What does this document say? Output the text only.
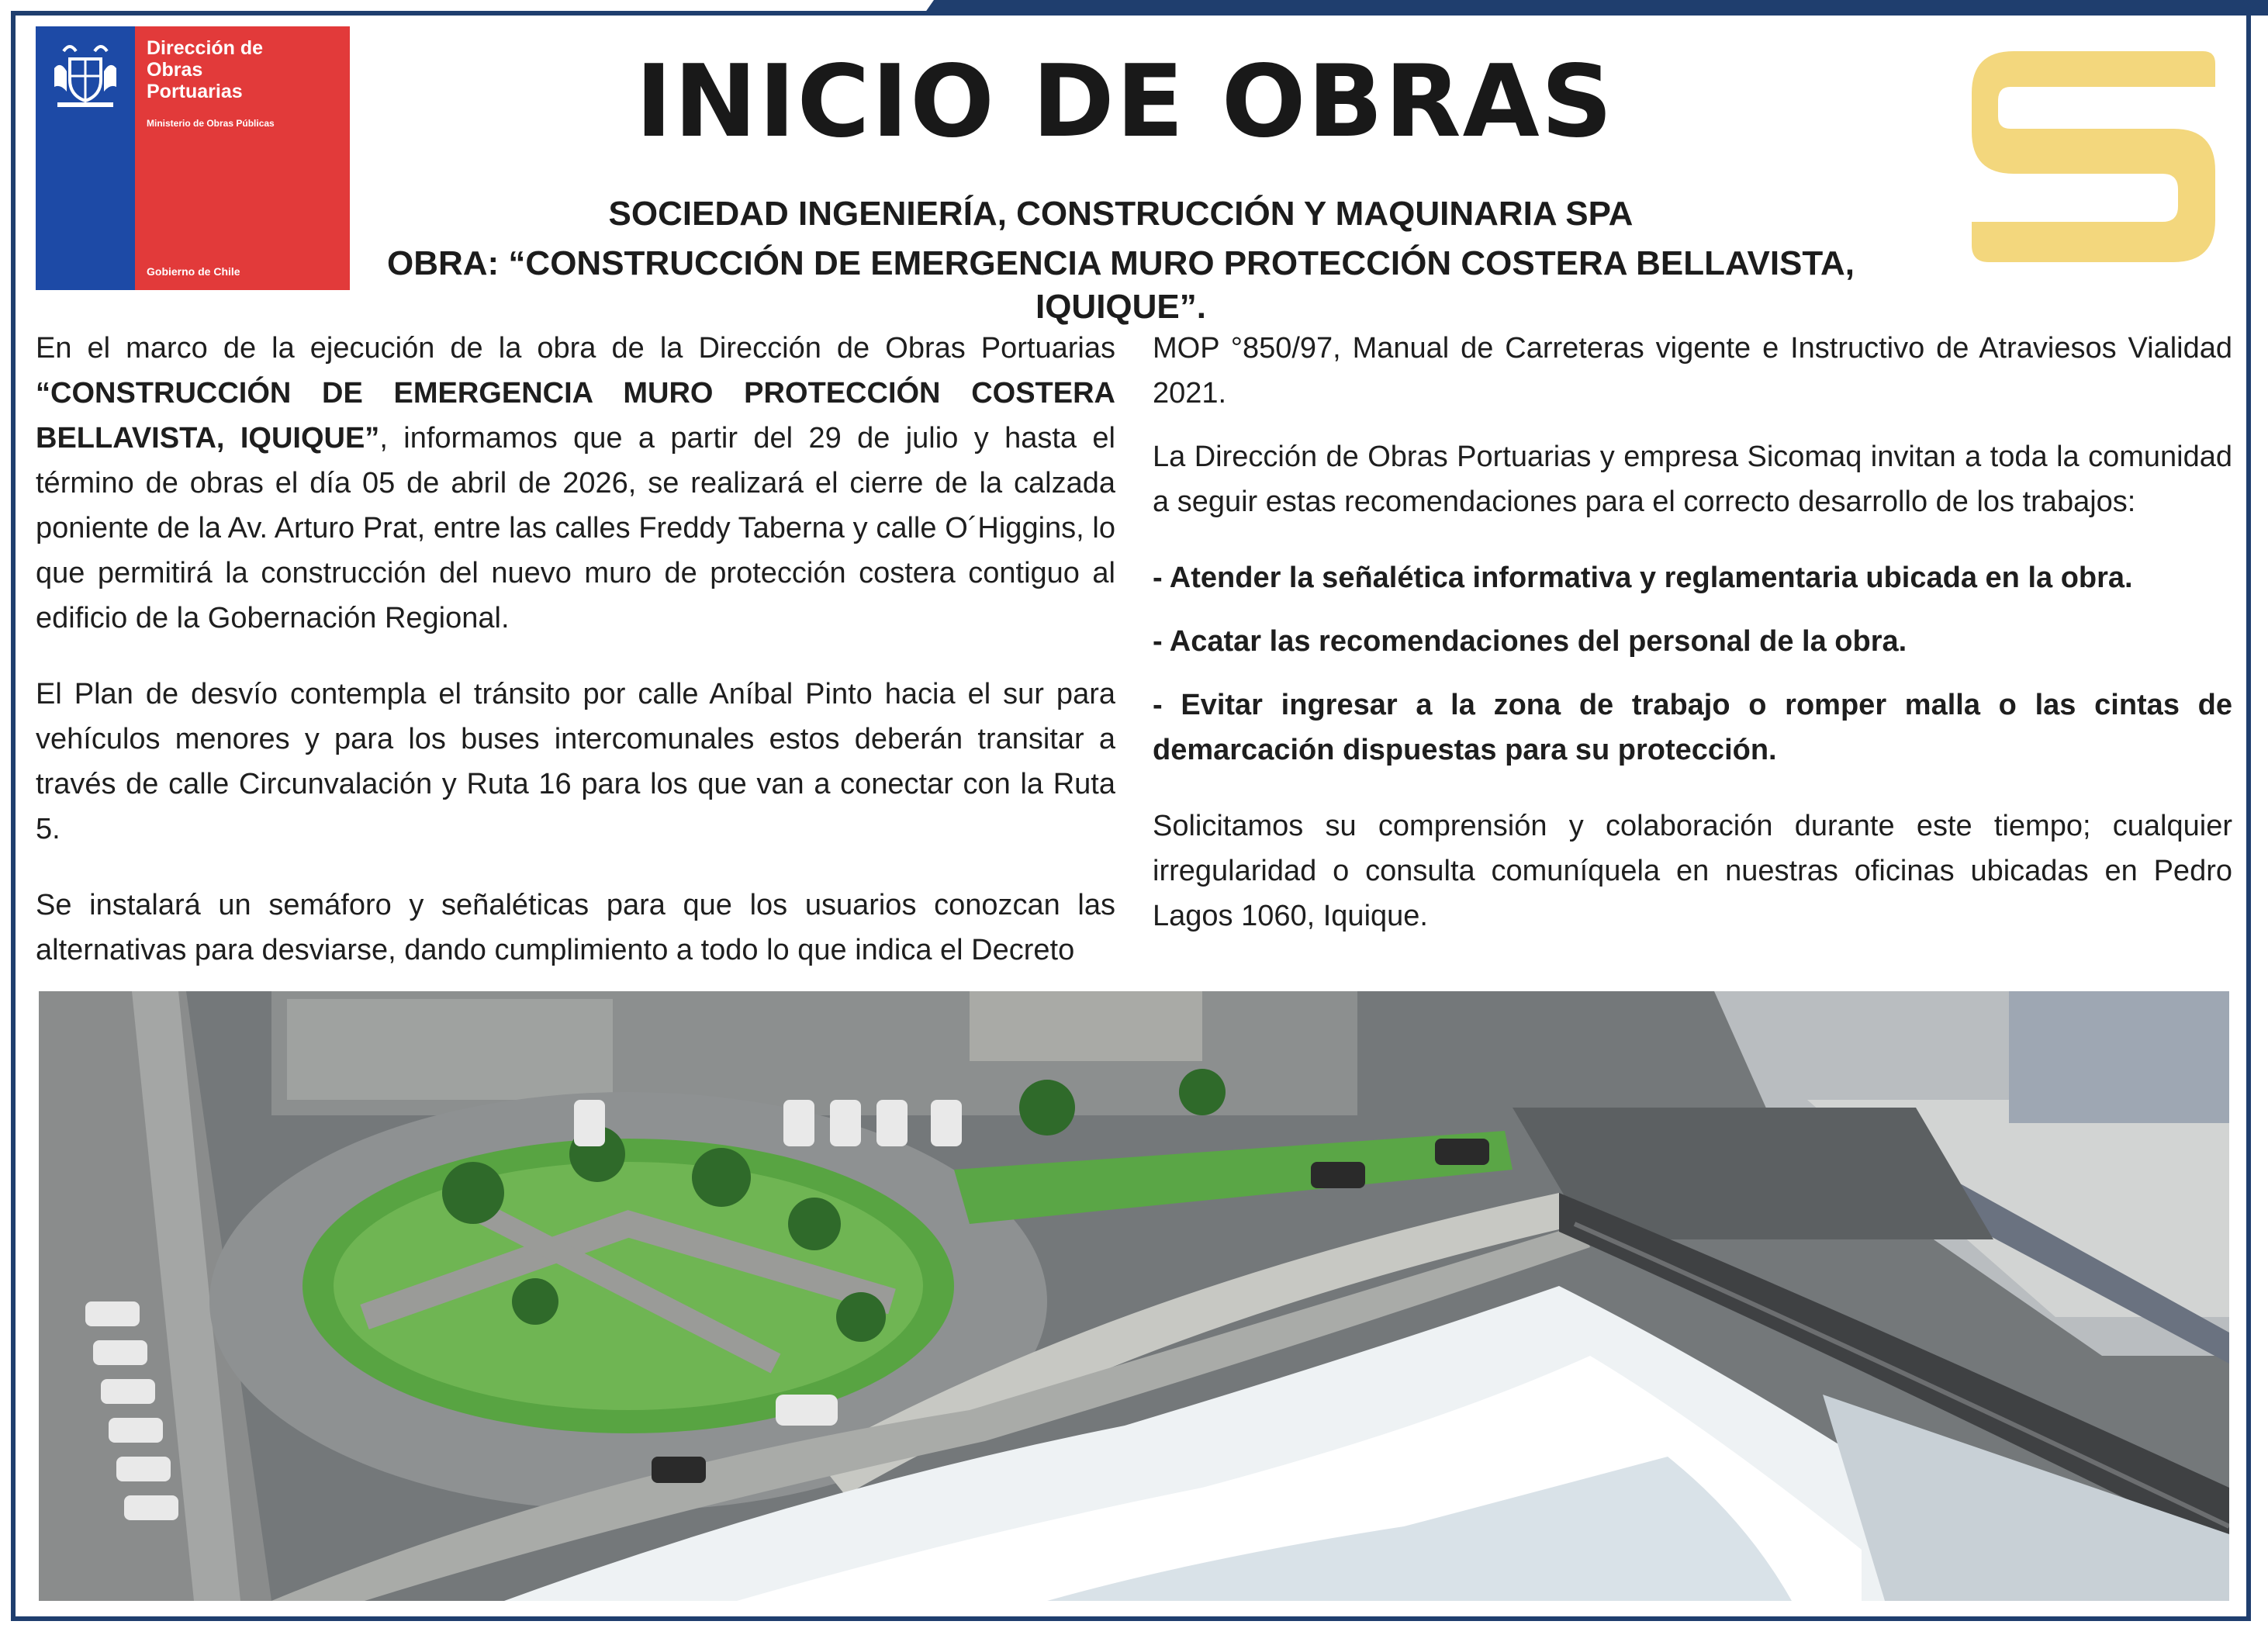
Dirección de
Obras
Portuarias
Ministerio de Obras Públicas
Gobierno de Chile
INICIO DE OBRAS
SOCIEDAD INGENIERÍA, CONSTRUCCIÓN Y MAQUINARIA SPA
OBRA: “CONSTRUCCIÓN DE EMERGENCIA MURO PROTECCIÓN COSTERA BELLAVISTA, IQUIQUE”.

En el marco de la ejecución de la obra de la Dirección de Obras Portuarias “CONSTRUCCIÓN DE EMERGENCIA MURO PROTECCIÓN COSTERA BELLAVISTA, IQUIQUE”, informamos que a partir del 29 de julio y hasta el término de obras el día 05 de abril de 2026, se realizará el cierre de la calzada poniente de la Av. Arturo Prat, entre las calles Freddy Taberna y calle O´Higgins, lo que permitirá la construcción del nuevo muro de protección costera contiguo al edificio de la Gobernación Regional.

El Plan de desvío contempla el tránsito por calle Aníbal Pinto hacia el sur para vehículos menores y para los buses intercomunales estos deberán transitar a través de calle Circunvalación y Ruta 16 para los que van a conectar con la Ruta 5.

Se instalará un semáforo y señaléticas para que los usuarios conozcan las alternativas para desviarse, dando cumplimiento a todo lo que indica el Decreto

MOP °850/97, Manual de Carreteras vigente e Instructivo de Atraviesos Vialidad 2021.

La Dirección de Obras Portuarias y empresa Sicomaq invitan a toda la comunidad a seguir estas recomendaciones para el correcto desarrollo de los trabajos:

- Atender la señalética informativa y reglamentaria ubicada en la obra.

- Acatar las recomendaciones del personal de la obra.

- Evitar ingresar a la zona de trabajo o romper malla o las cintas de demarcación dispuestas para su protección.

Solicitamos su comprensión y colaboración durante este tiempo; cualquier irregularidad o consulta comuníquela en nuestras oficinas ubicadas en Pedro Lagos 1060, Iquique.
